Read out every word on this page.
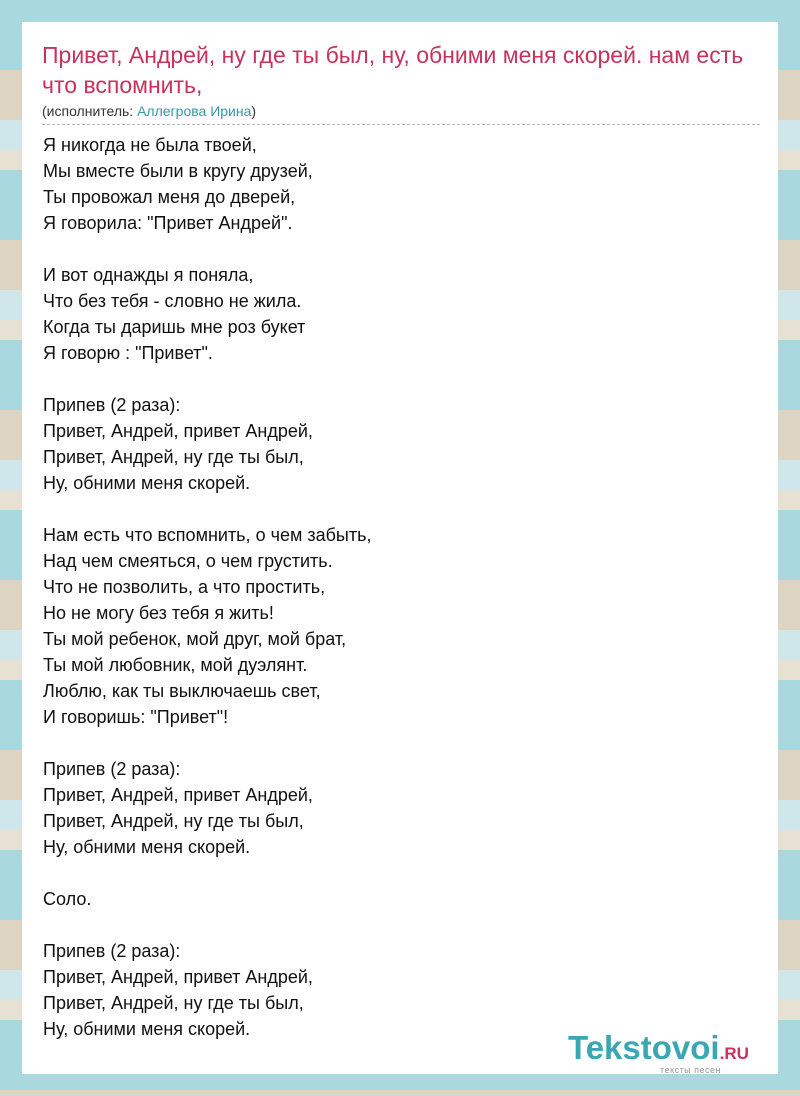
Привет, Андрей, ну где ты был, ну, обними меня скорей. нам есть что вспомнить,
(исполнитель: Аллегрова Ирина)
Я никогда не была твоей,
Мы вместе были в кругу друзей,
Ты провожал меня до дверей,
Я говорила: "Привет Андрей".
И вот однажды я поняла,
Что без тебя - словно не жила.
Когда ты даришь мне роз букет
Я говорю : "Привет".
Припев (2 раза):
Привет, Андрей, привет Андрей,
Привет, Андрей, ну где ты был,
Ну, обними меня скорей.
Нам есть что вспомнить, о чем забыть,
Над чем смеяться, о чем грустить.
Что не позволить, а что простить,
Но не могу без тебя я жить!
Ты мой ребенок, мой друг, мой брат,
Ты мой любовник, мой дуэлянт.
Люблю, как ты выключаешь свет,
И говоришь: "Привет"!
Припев (2 раза):
Привет, Андрей, привет Андрей,
Привет, Андрей, ну где ты был,
Ну, обними меня скорей.
Соло.
Припев (2 раза):
Привет, Андрей, привет Андрей,
Привет, Андрей, ну где ты был,
Ну, обними меня скорей.	Tekstovoi.RU
тексты песен
